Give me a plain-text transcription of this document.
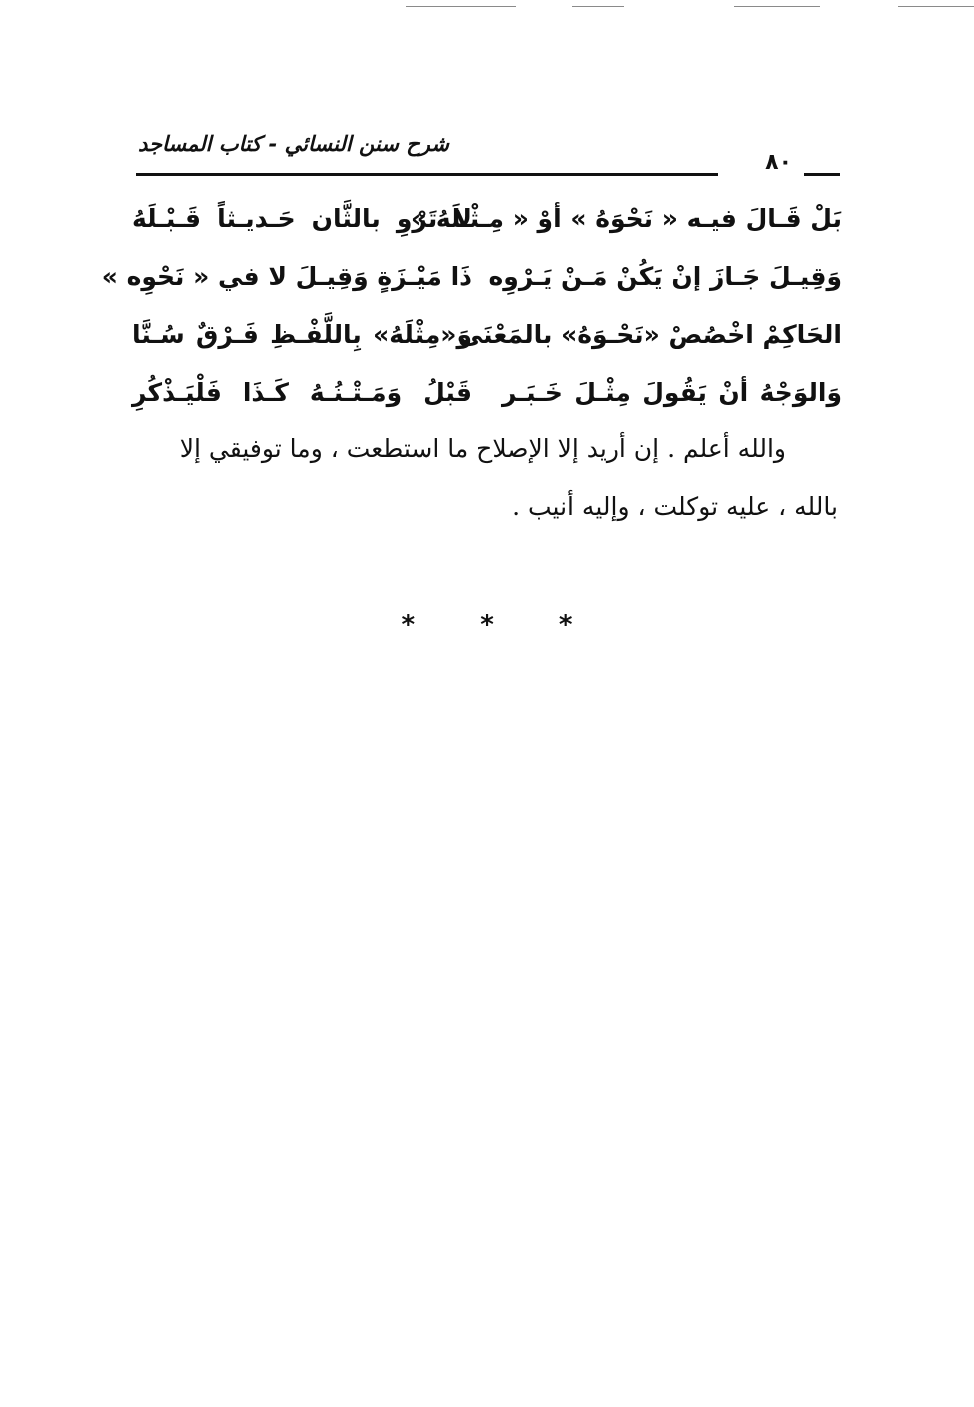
شرح سنن النسائي - كتاب المساجد
٨٠
بَلْ قَـالَ فيـه « نَحْوَهُ » أوْ « مِـثْـلَهُ »
لا تَرْوِ بالثَّان حَـديـثاً قَـبْـلَهُ
وَقِيـلَ جَـازَ إنْ يَكُنْ مَـنْ يَـرْوِه
ذَا مَيْـزَةٍ وَقِيـلَ لا في « نَحْوِه »
الحَاكِمْ اخْصُصْ «نَحْـوَهُ» بالمَعْنَى
وَ«مِثْلَهُ» بِاللَّفْـظِ فَـرْقٌ سُـنَّا
وَالوَجْهُ أنْ يَقُولَ مِثْـلَ خَـبَـر
قَبْلُ وَمَـتْـنُـهُ كَـذَا فَلْيَـذْكُرِ
والله أعلم . إن أريد إلا الإصلاح ما استطعت ، وما توفيقي إلا
بالله ، عليه توكلت ، وإليه أنيب .
* * *
